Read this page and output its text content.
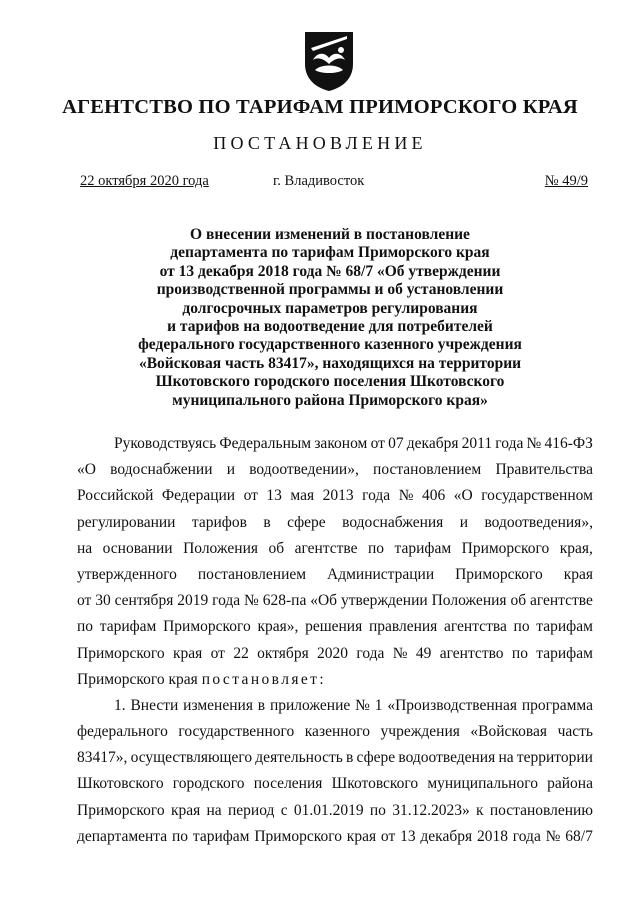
АГЕНТСТВО ПО ТАРИФАМ ПРИМОРСКОГО КРАЯ
ПОСТАНОВЛЕНИЕ
22 октября 2020 года	г. Владивосток	№ 49/9
О внесении изменений в постановление
департамента по тарифам Приморского края
от 13 декабря 2018 года № 68/7 «Об утверждении
производственной программы и об установлении
долгосрочных параметров регулирования
и тарифов на водоотведение для потребителей
федерального государственного казенного учреждения
«Войсковая часть 83417», находящихся на территории
Шкотовского городского поселения Шкотовского
муниципального района Приморского края»
Руководствуясь Федеральным законом от 07 декабря 2011 года № 416-ФЗ
«О водоснабжении и водоотведении», постановлением Правительства
Российской Федерации от 13 мая 2013 года № 406 «О государственном
регулировании тарифов в сфере водоснабжения и водоотведения»,
на основании Положения об агентстве по тарифам Приморского края,
утвержденного постановлением Администрации Приморского края
от 30 сентября 2019 года № 628-па «Об утверждении Положения об агентстве
по тарифам Приморского края», решения правления агентства по тарифам
Приморского края от 22 октября 2020 года № 49 агентство по тарифам
Приморского края
постановляет:
1. Внести изменения в приложение № 1 «Производственная программа
федерального государственного казенного учреждения «Войсковая часть
83417», осуществляющего деятельность в сфере водоотведения на территории
Шкотовского городского поселения Шкотовского муниципального района
Приморского края на период с 01.01.2019 по 31.12.2023» к постановлению
департамента по тарифам Приморского края от 13 декабря 2018 года № 68/7
